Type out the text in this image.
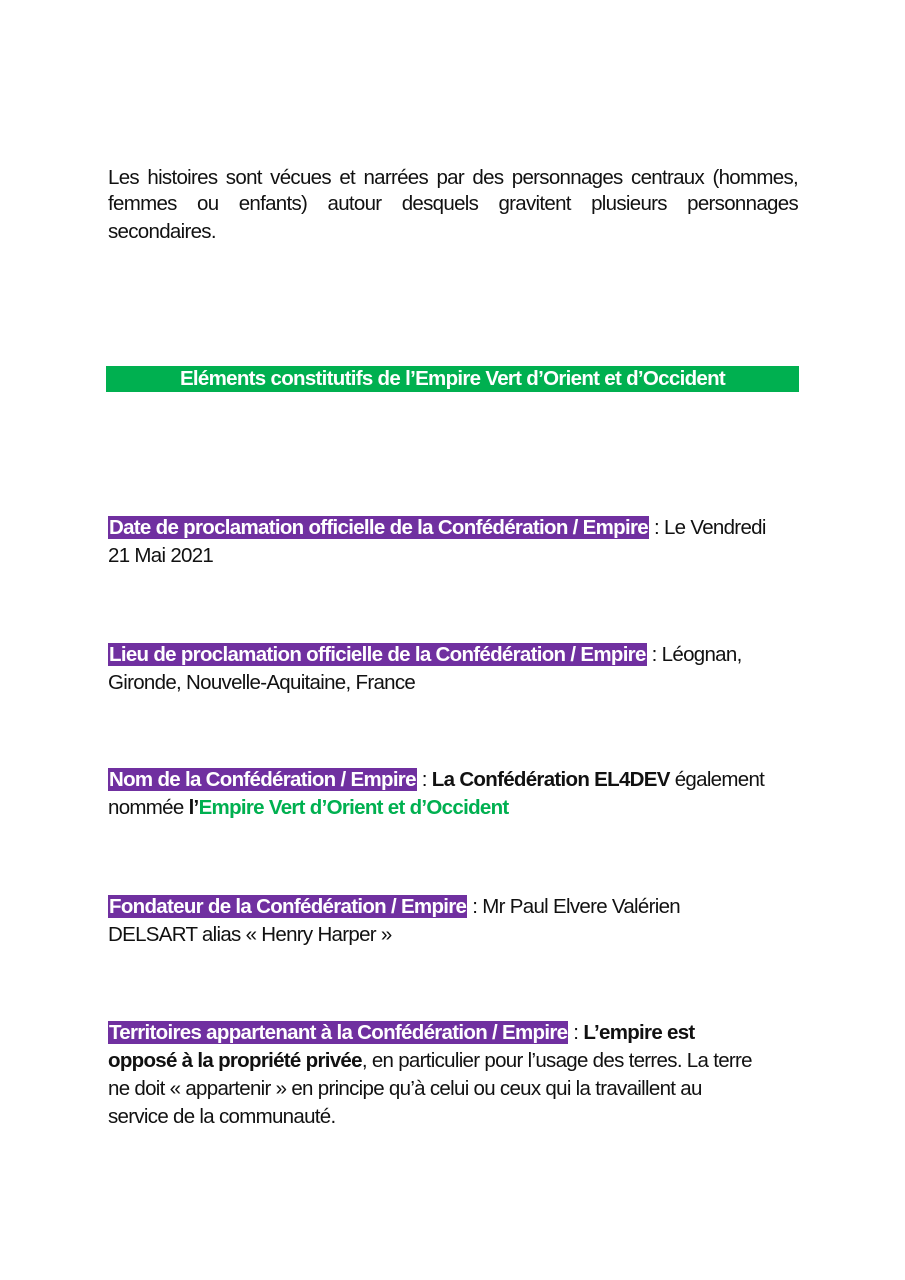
Les histoires sont vécues et narrées par des personnages centraux (hommes,
femmes ou enfants) autour desquels gravitent plusieurs personnages
secondaires.
Eléments constitutifs de l’Empire Vert d’Orient et d’Occident
Date de proclamation officielle de la Confédération / Empire : Le Vendredi
21 Mai 2021
Lieu de proclamation officielle de la Confédération / Empire : Léognan,
Gironde, Nouvelle-Aquitaine, France
Nom de la Confédération / Empire : La Confédération EL4DEV également
nommée l’Empire Vert d’Orient et d’Occident
Fondateur de la Confédération / Empire : Mr Paul Elvere Valérien
DELSART alias « Henry Harper »
Territoires appartenant à la Confédération / Empire : L’empire est
opposé à la propriété privée, en particulier pour l’usage des terres. La terre
ne doit « appartenir » en principe qu’à celui ou ceux qui la travaillent au
service de la communauté.
